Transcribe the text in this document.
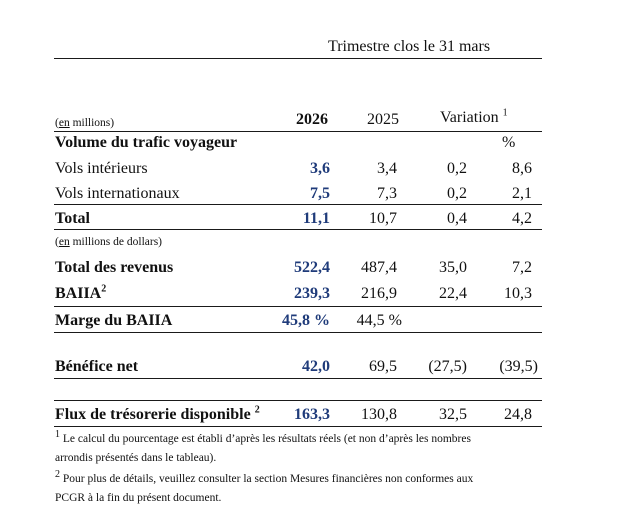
Trimestre clos le 31 mars
(en millions)	2026 2025	Variation $^1$
Volume du trafic voyageur	%
Vols intérieurs	3,6	3,4	0,2	8,6
Vols internationaux	7,5	7,3	0,2	2,1
Total	11,1	10,7	0,4	4,2
(en millions de dollars)
Total des revenus	522,4	487,4	35,0	7,2
BAIIA$^2$	239,3	216,9	22,4	10,3
Marge du BAIIA	45,8 %	44,5 %
Bénéfice net	42,0	69,5	(27,5)	(39,5)
Flux de trésorerie disponible $^2$	163,3	130,8	32,5	24,8
$^1$ Le calcul du pourcentage est établi d’après les résultats réels (et non d’après les nombres
arrondis présentés dans le tableau).
$^2$ Pour plus de détails, veuillez consulter la section Mesures financières non conformes aux
PCGR à la fin du présent document.
